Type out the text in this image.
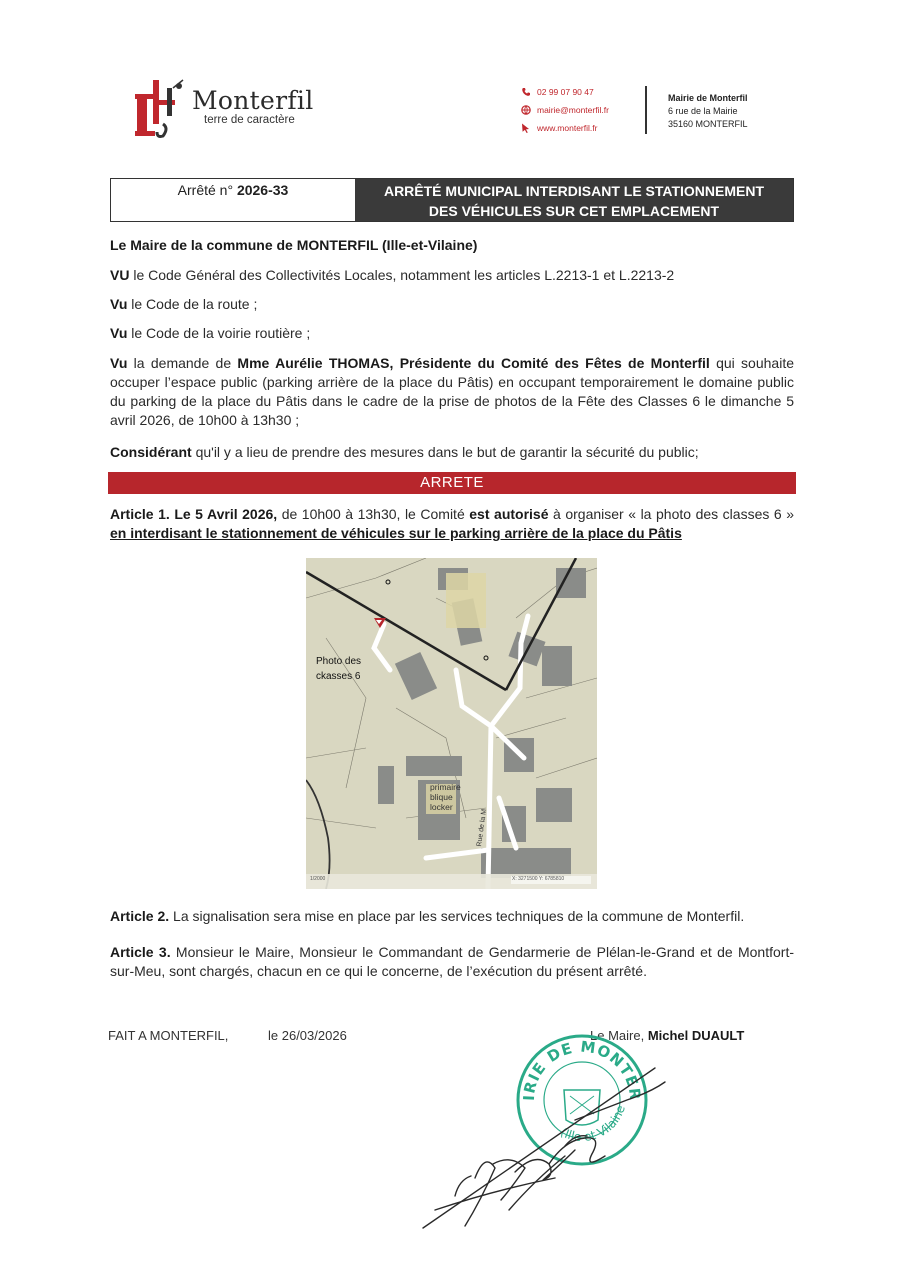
Monterfil
terre de caractère
02 99 07 90 47
mairie@monterfil.fr
www.monterfil.fr
Mairie de Monterfil
6 rue de la Mairie
35160 MONTERFIL
Arrêté n° 2026-33	ARRÊTÉ MUNICIPAL INTERDISANT LE STATIONNEMENT
DES VÉHICULES SUR CET EMPLACEMENT
Le Maire de la commune de MONTERFIL (Ille-et-Vilaine)
VU le Code Général des Collectivités Locales, notamment les articles L.2213-1 et L.2213-2
Vu le Code de la route ;
Vu le Code de la voirie routière ;
Vu la demande de Mme Aurélie THOMAS, Présidente du Comité des Fêtes de Monterfil qui souhaite occuper l’espace public (parking arrière de la place du Pâtis) en occupant temporairement le domaine public du parking de la place du Pâtis dans le cadre de la prise de photos de la Fête des Classes 6 le dimanche 5 avril 2026, de 10h00 à 13h30 ;
Considérant qu'il y a lieu de prendre des mesures dans le but de garantir la sécurité du public;
ARRETE
Article 1. Le 5 Avril 2026, de 10h00 à 13h30, le Comité est autorisé à organiser « la photo des classes 6 » en interdisant le stationnement de véhicules sur le parking arrière de la place du Pâtis
Photo des
ckasses 6
primaire
blique
locker
Rue de la M
1/2000	X: 3271500 Y: 6785810
Article 2. La signalisation sera mise en place par les services techniques de la commune de Monterfil.
Article 3. Monsieur le Maire, Monsieur le Commandant de Gendarmerie de Plélan-le-Grand et de Montfort-sur-Meu, sont chargés, chacun en ce qui le concerne, de l’exécution du présent arrêté.
FAIT A MONTERFIL,	le 26/03/2026	Le Maire, Michel DUAULT
IRIE DE MONTER
(Ille et Vilaine
